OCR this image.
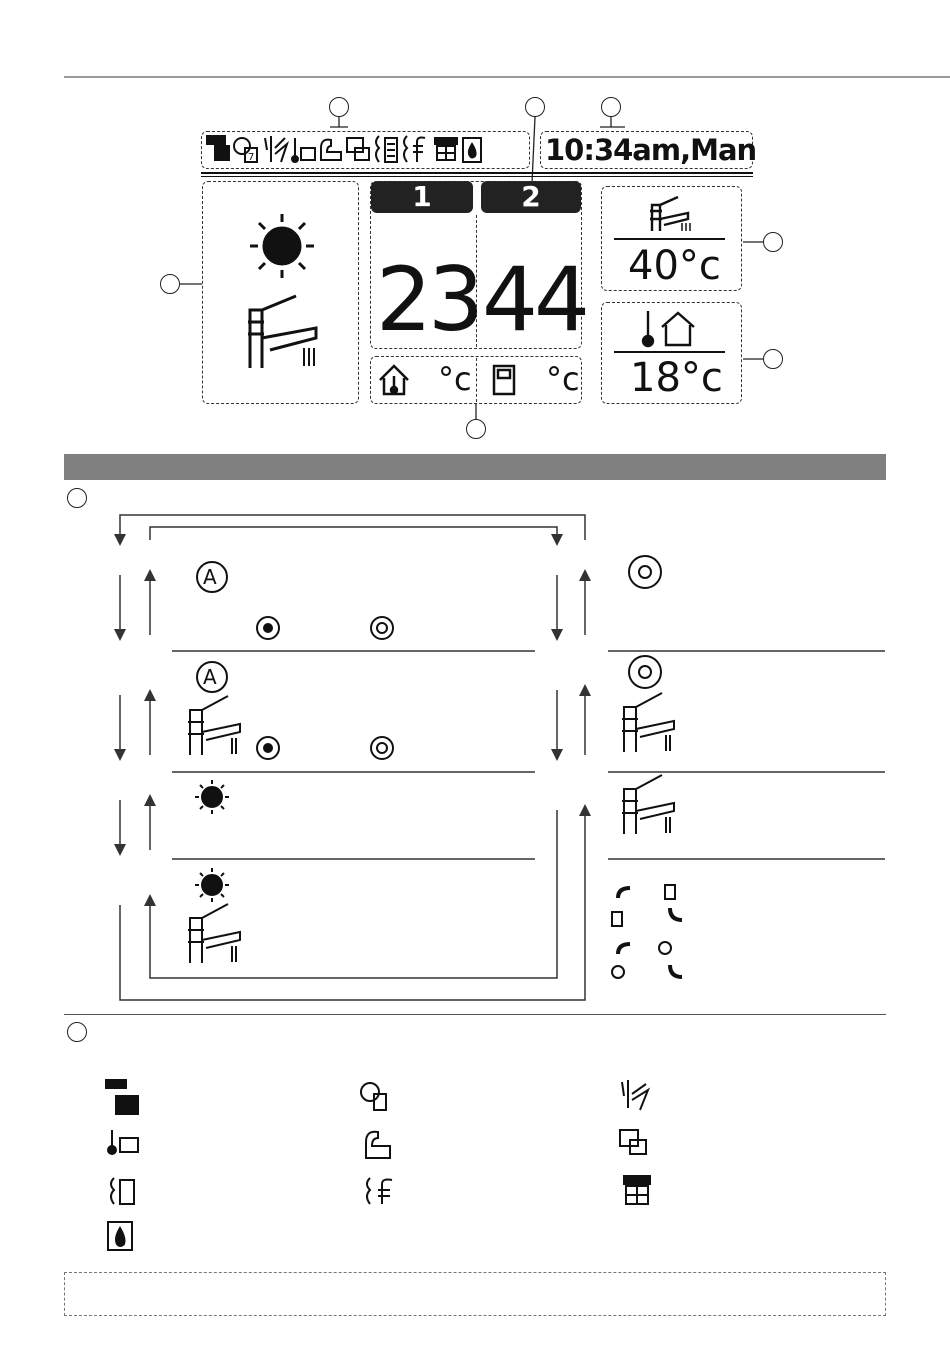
7	10:34am,Man
1	2
23 44
°c °c
40°c
18°c
A
A
